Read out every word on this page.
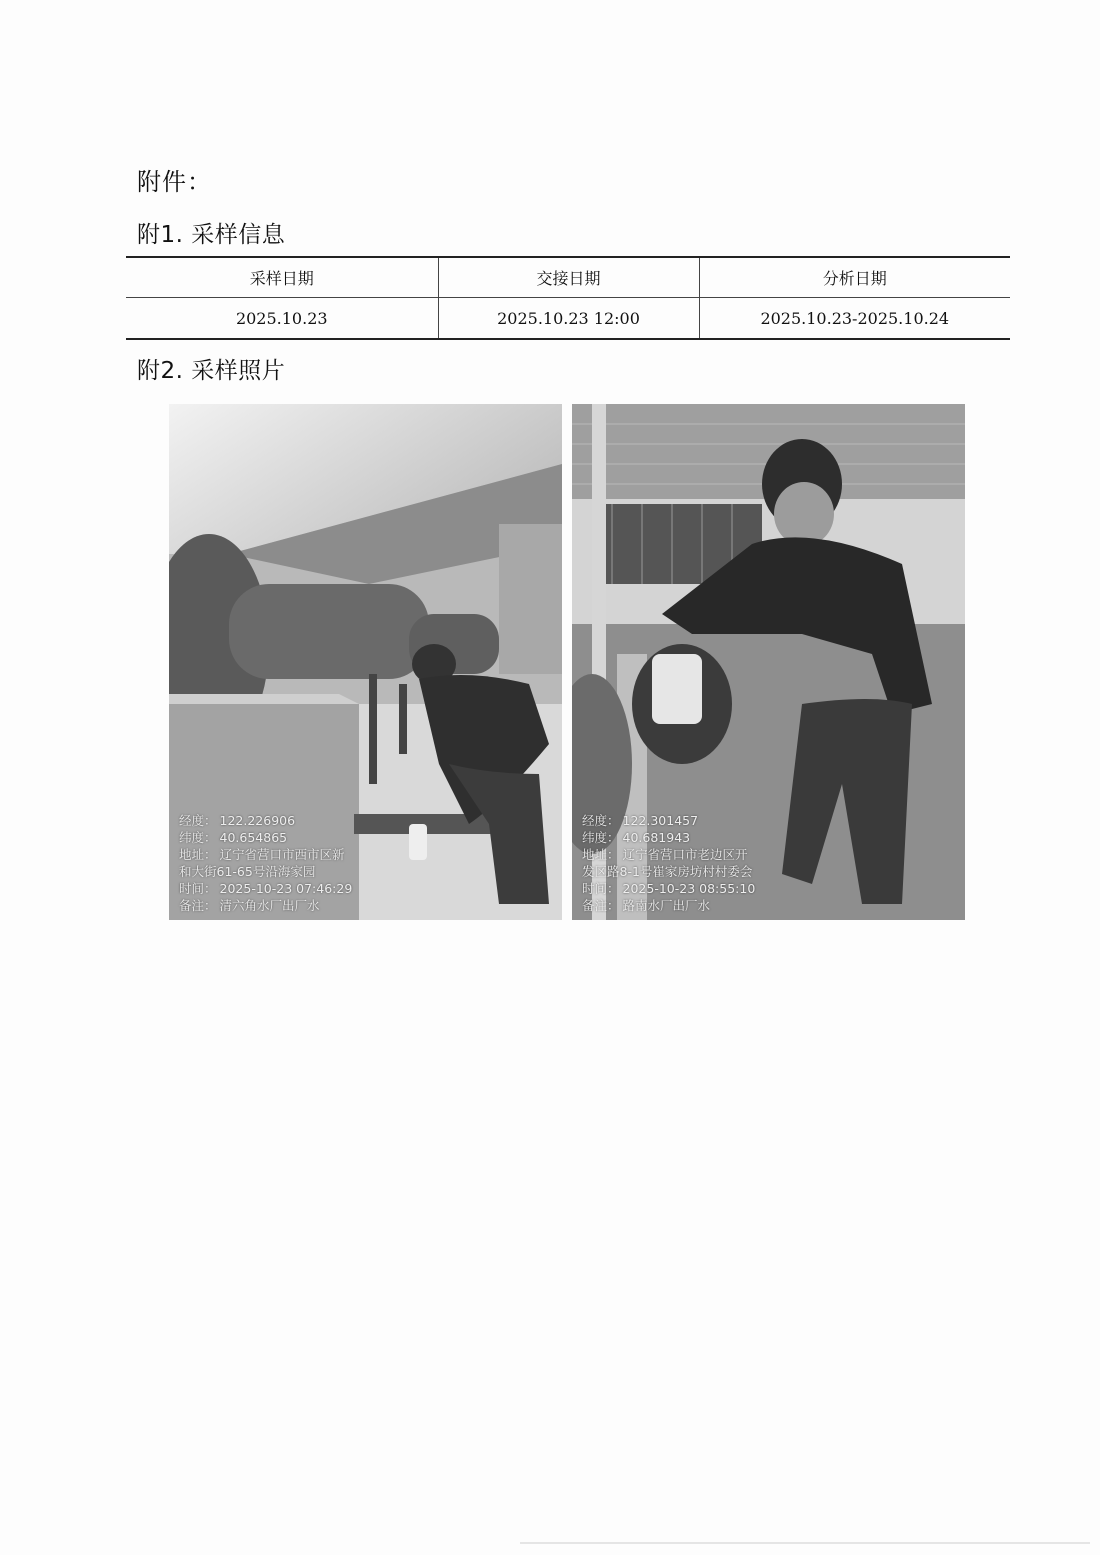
附件：
附1. 采样信息
采样日期	交接日期	分析日期
2025.10.23	2025.10.23 12:00	2025.10.23-2025.10.24
附2. 采样照片
经度： 122.226906
纬度： 40.654865
地址： 辽宁省营口市西市区新
和大街61-65号沿海家园
时间： 2025-10-23 07:46:29
备注： 清六角水厂出厂水
经度： 122.301457
纬度： 40.681943
地址： 辽宁省营口市老边区开
发区路8-1号崔家房坊村村委会
时间： 2025-10-23 08:55:10
备注： 路南水厂出厂水
